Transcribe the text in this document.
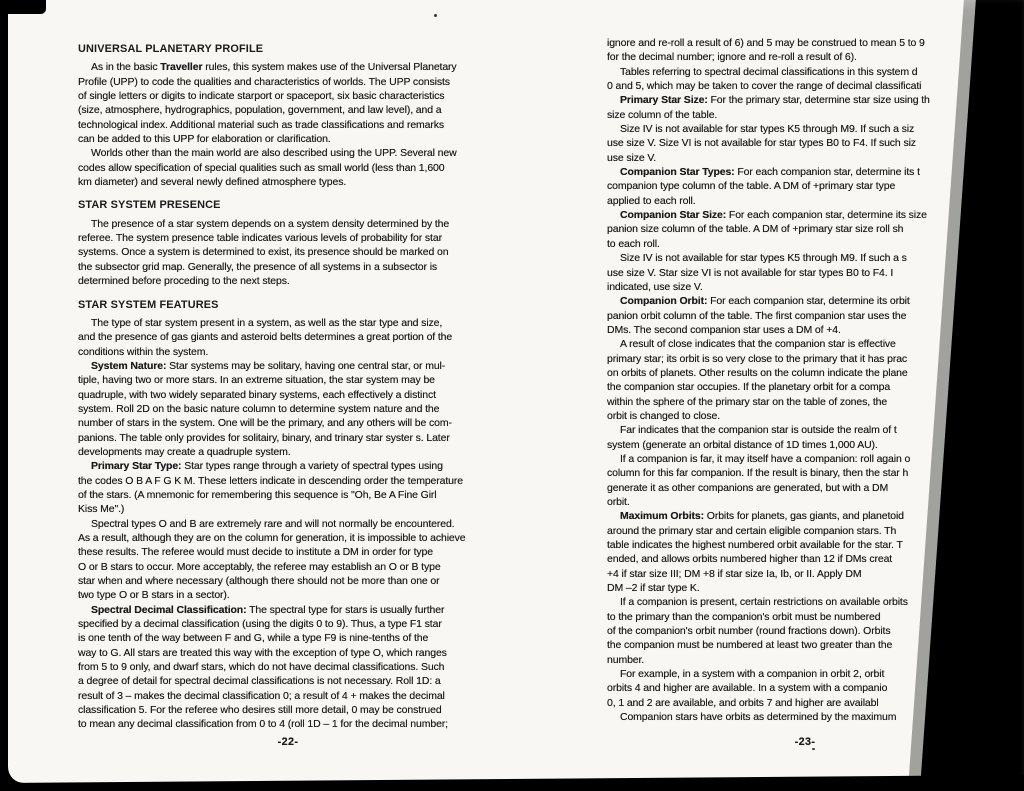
UNIVERSAL PLANETARY PROFILE
As in the basic Traveller rules, this system makes use of the Universal Planetary
Profile (UPP) to code the qualities and characteristics of worlds. The UPP consists
of single letters or digits to indicate starport or spaceport, six basic characteristics
(size, atmosphere, hydrographics, population, government, and law level), and a
technological index. Additional material such as trade classifications and remarks
can be added to this UPP for elaboration or clarification.
Worlds other than the main world are also described using the UPP. Several new
codes allow specification of special qualities such as small world (less than 1,600
km diameter) and several newly defined atmosphere types.
STAR SYSTEM PRESENCE
The presence of a star system depends on a system density determined by the
referee. The system presence table indicates various levels of probability for star
systems. Once a system is determined to exist, its presence should be marked on
the subsector grid map. Generally, the presence of all systems in a subsector is
determined before proceding to the next steps.
STAR SYSTEM FEATURES
The type of star system present in a system, as well as the star type and size,
and the presence of gas giants and asteroid belts determines a great portion of the
conditions within the system.
System Nature: Star systems may be solitary, having one central star, or mul-
tiple, having two or more stars. In an extreme situation, the star system may be
quadruple, with two widely separated binary systems, each effectively a distinct
system. Roll 2D on the basic nature column to determine system nature and the
number of stars in the system. One will be the primary, and any others will be com-
panions. The table only provides for solitairy, binary, and trinary star syster s. Later
developments may create a quadruple system.
Primary Star Type: Star types range through a variety of spectral types using
the codes O B A F G K M. These letters indicate in descending order the temperature
of the stars. (A mnemonic for remembering this sequence is "Oh, Be A Fine Girl
Kiss Me".)
Spectral types O and B are extremely rare and will not normally be encountered.
As a result, although they are on the column for generation, it is impossible to achieve
these results. The referee would must decide to institute a DM in order for type
O or B stars to occur. More acceptably, the referee may establish an O or B type
star when and where necessary (although there should not be more than one or
two type O or B stars in a sector).
Spectral Decimal Classification: The spectral type for stars is usually further
specified by a decimal classification (using the digits 0 to 9). Thus, a type F1 star
is one tenth of the way between F and G, while a type F9 is nine-tenths of the
way to G. All stars are treated this way with the exception of type O, which ranges
from 5 to 9 only, and dwarf stars, which do not have decimal classifications. Such
a degree of detail for spectral decimal classifications is not necessary. Roll 1D: a
result of 3 – makes the decimal classification 0; a result of 4 + makes the decimal
classification 5. For the referee who desires still more detail, 0 may be construed
to mean any decimal classification from 0 to 4 (roll 1D – 1 for the decimal number;
-22-
ignore and re-roll a result of 6) and 5 may be construed to mean 5 to 9
for the decimal number; ignore and re-roll a result of 6).
Tables referring to spectral decimal classifications in this system d
0 and 5, which may be taken to cover the range of decimal classificati
Primary Star Size: For the primary star, determine star size using th
size column of the table.
Size IV is not available for star types K5 through M9. If such a siz
use size V. Size VI is not available for star types B0 to F4. If such siz
use size V.
Companion Star Types: For each companion star, determine its t
companion type column of the table. A DM of +primary star type
applied to each roll.
Companion Star Size: For each companion star, determine its size
panion size column of the table. A DM of +primary star size roll sh
to each roll.
Size IV is not available for star types K5 through M9. If such a s
use size V. Star size VI is not available for star types B0 to F4. I
indicated, use size V.
Companion Orbit: For each companion star, determine its orbit
panion orbit column of the table. The first companion star uses the
DMs. The second companion star uses a DM of +4.
A result of close indicates that the companion star is effective
primary star; its orbit is so very close to the primary that it has prac
on orbits of planets. Other results on the column indicate the plane
the companion star occupies. If the planetary orbit for a compa
within the sphere of the primary star on the table of zones, the
orbit is changed to close.
Far indicates that the companion star is outside the realm of t
system (generate an orbital distance of 1D times 1,000 AU).
If a companion is far, it may itself have a companion: roll again o
column for this far companion. If the result is binary, then the star h
generate it as other companions are generated, but with a DM
orbit.
Maximum Orbits: Orbits for planets, gas giants, and planetoid
around the primary star and certain eligible companion stars. Th
table indicates the highest numbered orbit available for the star. T
ended, and allows orbits numbered higher than 12 if DMs creat
+4 if star size III; DM +8 if star size Ia, Ib, or II. Apply DM
DM –2 if star type K.
If a companion is present, certain restrictions on available orbits
to the primary than the companion's orbit must be numbered
of the companion's orbit number (round fractions down). Orbits
the companion must be numbered at least two greater than the
number.
For example, in a system with a companion in orbit 2, orbit
orbits 4 and higher are available. In a system with a companio
0, 1 and 2 are available, and orbits 7 and higher are availabl
Companion stars have orbits as determined by the maximum
-23-
